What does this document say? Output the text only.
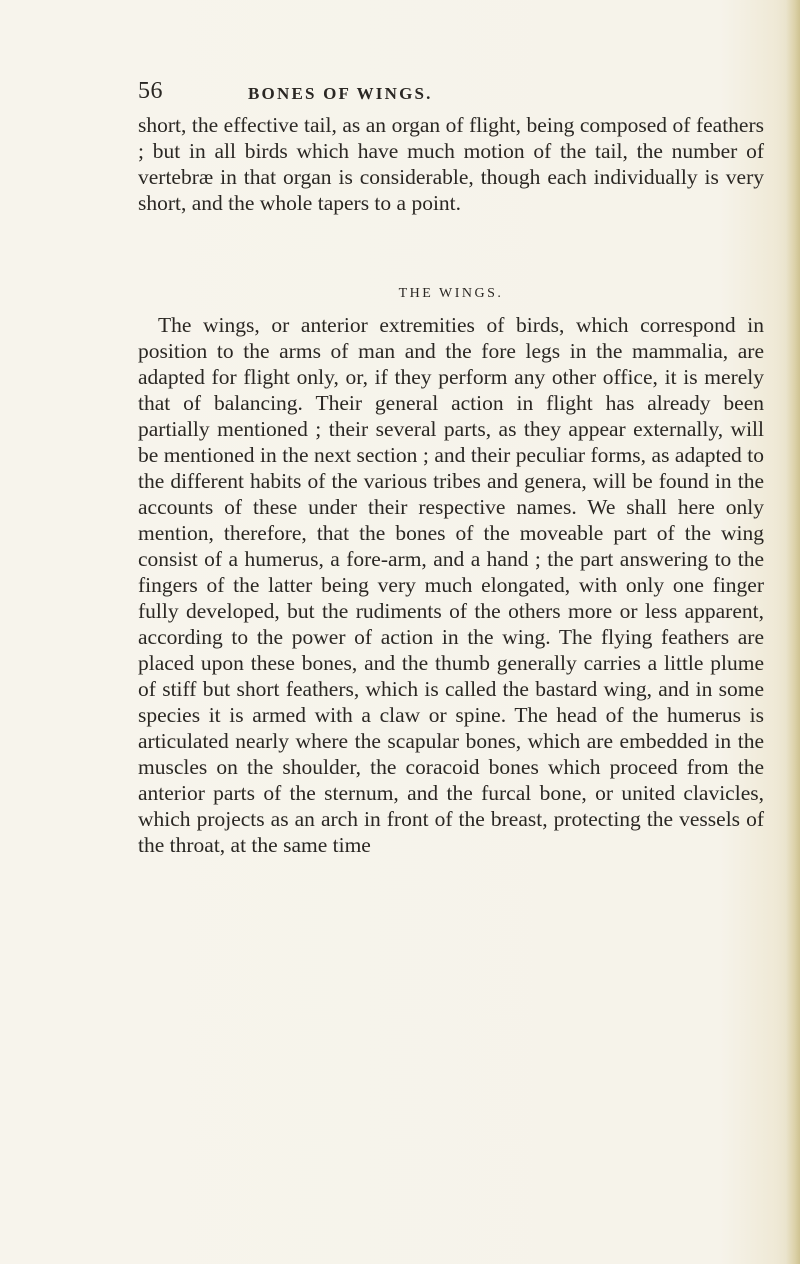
56	BONES OF WINGS.

short, the effective tail, as an organ of flight, being composed of feathers ; but in all birds which have much motion of the tail, the number of vertebræ in that organ is considerable, though each individually is very short, and the whole tapers to a point.

THE WINGS.

The wings, or anterior extremities of birds, which correspond in position to the arms of man and the fore legs in the mammalia, are adapted for flight only, or, if they perform any other office, it is merely that of balancing. Their general action in flight has already been partially mentioned ; their several parts, as they appear externally, will be mentioned in the next section ; and their peculiar forms, as adapted to the different habits of the various tribes and genera, will be found in the accounts of these under their respective names. We shall here only mention, therefore, that the bones of the moveable part of the wing consist of a humerus, a fore-arm, and a hand ; the part answering to the fingers of the latter being very much elongated, with only one finger fully developed, but the rudiments of the others more or less apparent, according to the power of action in the wing. The flying feathers are placed upon these bones, and the thumb generally carries a little plume of stiff but short feathers, which is called the bastard wing, and in some species it is armed with a claw or spine. The head of the humerus is articulated nearly where the scapular bones, which are embedded in the muscles on the shoulder, the coracoid bones which proceed from the anterior parts of the sternum, and the furcal bone, or united clavicles, which projects as an arch in front of the breast, protecting the vessels of the throat, at the same time
